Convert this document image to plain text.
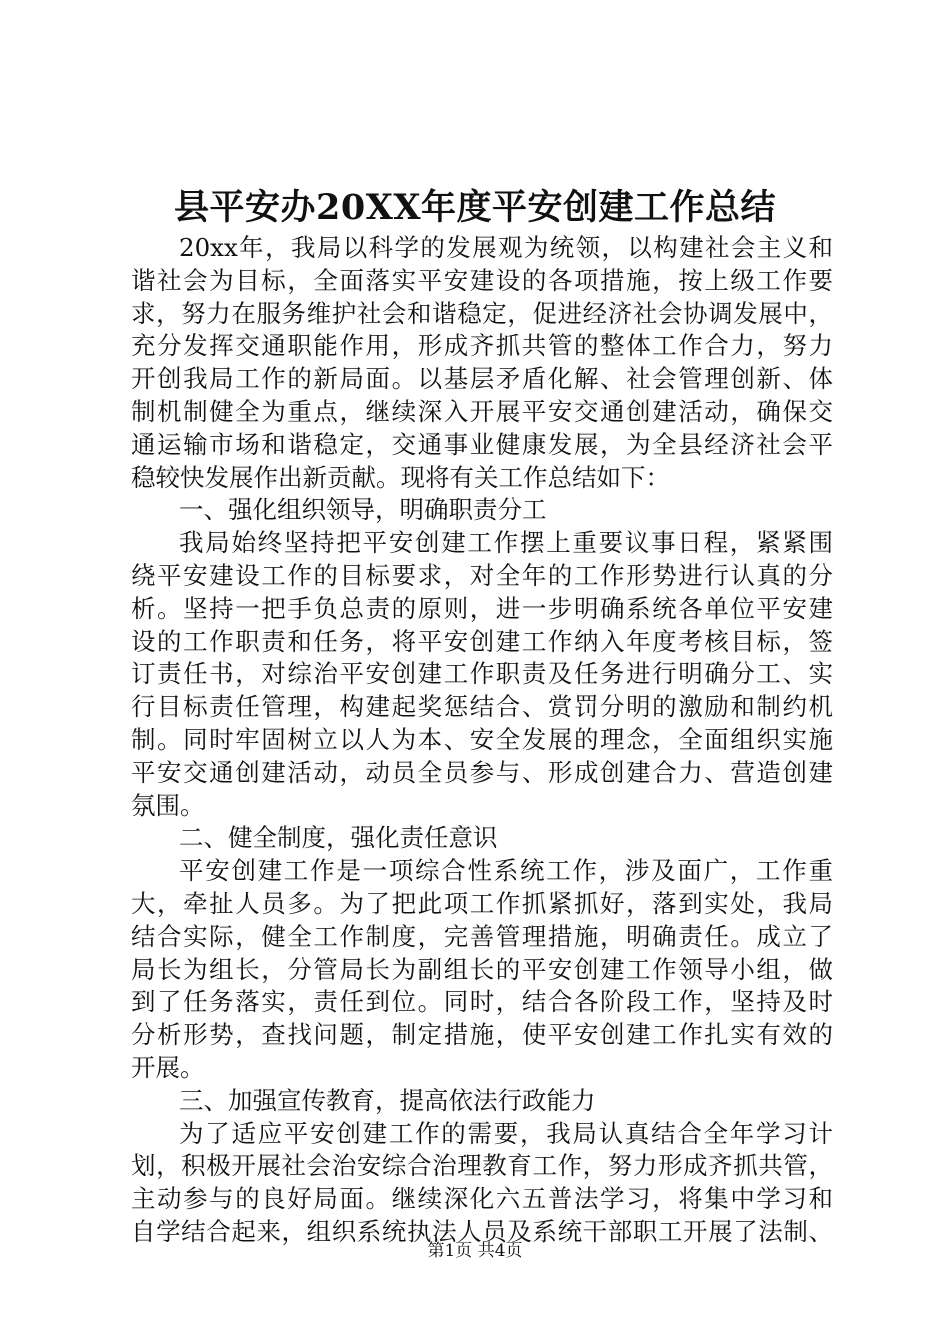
县平安办20XX年度平安创建工作总结
20xx年，我局以科学的发展观为统领，以构建社会主义和
谐社会为目标，全面落实平安建设的各项措施，按上级工作要
求，努力在服务维护社会和谐稳定，促进经济社会协调发展中，
充分发挥交通职能作用，形成齐抓共管的整体工作合力，努力
开创我局工作的新局面。以基层矛盾化解、社会管理创新、体
制机制健全为重点，继续深入开展平安交通创建活动，确保交
通运输市场和谐稳定，交通事业健康发展，为全县经济社会平
稳较快发展作出新贡献。现将有关工作总结如下：
一、强化组织领导，明确职责分工
我局始终坚持把平安创建工作摆上重要议事日程，紧紧围
绕平安建设工作的目标要求，对全年的工作形势进行认真的分
析。坚持一把手负总责的原则，进一步明确系统各单位平安建
设的工作职责和任务，将平安创建工作纳入年度考核目标，签
订责任书，对综治平安创建工作职责及任务进行明确分工、实
行目标责任管理，构建起奖惩结合、赏罚分明的激励和制约机
制。同时牢固树立以人为本、安全发展的理念，全面组织实施
平安交通创建活动，动员全员参与、形成创建合力、营造创建
氛围。
二、健全制度，强化责任意识
平安创建工作是一项综合性系统工作，涉及面广，工作重
大，牵扯人员多。为了把此项工作抓紧抓好，落到实处，我局
结合实际，健全工作制度，完善管理措施，明确责任。成立了
局长为组长，分管局长为副组长的平安创建工作领导小组，做
到了任务落实，责任到位。同时，结合各阶段工作，坚持及时
分析形势，查找问题，制定措施，使平安创建工作扎实有效的
开展。
三、加强宣传教育，提高依法行政能力
为了适应平安创建工作的需要，我局认真结合全年学习计
划，积极开展社会治安综合治理教育工作，努力形成齐抓共管，
主动参与的良好局面。继续深化六五普法学习，将集中学习和
自学结合起来，组织系统执法人员及系统干部职工开展了法制、
第1页 共4页
